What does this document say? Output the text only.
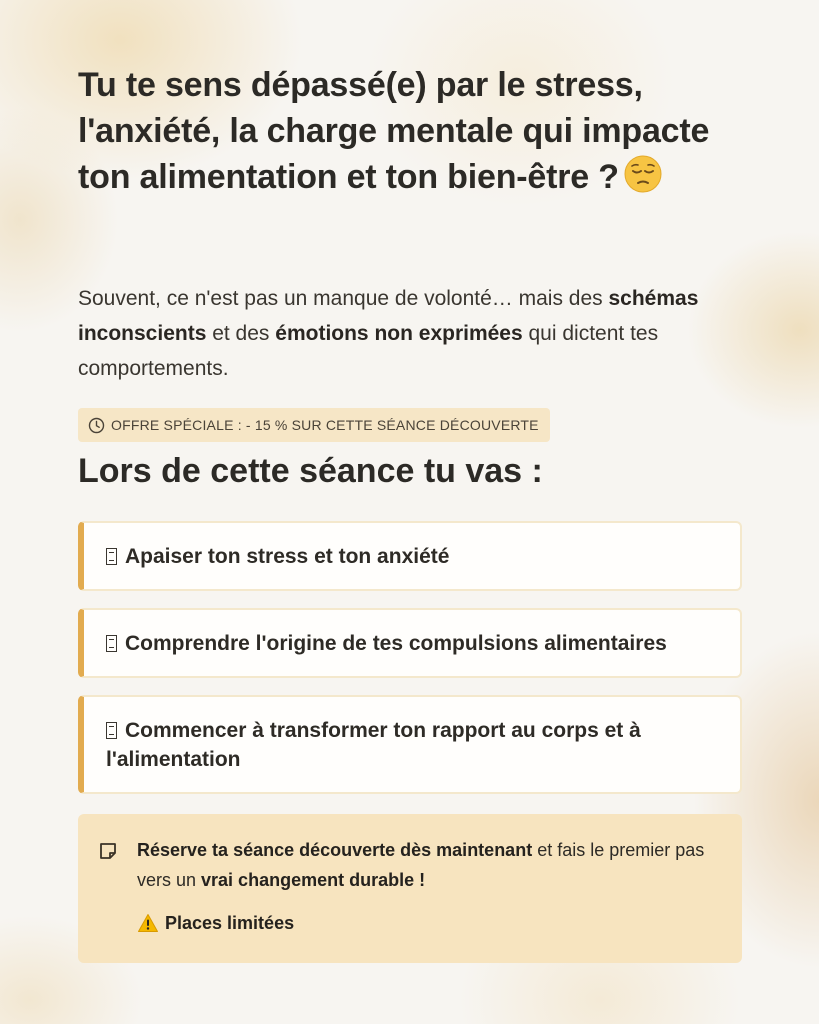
Tu te sens dépassé(e) par le stress, l'anxiété, la charge mentale qui impacte ton alimentation et ton bien-être ?

Souvent, ce n'est pas un manque de volonté… mais des schémas inconscients et des émotions non exprimées qui dictent tes comportements.

OFFRE SPÉCIALE : - 15 % SUR CETTE SÉANCE DÉCOUVERTE
Lors de cette séance tu vas :
Apaiser ton stress et ton anxiété
Comprendre l'origine de tes compulsions alimentaires
Commencer à transformer ton rapport au corps et à l'alimentation

Réserve ta séance découverte dès maintenant et fais le premier pas vers un vrai changement durable !

Places limitées
